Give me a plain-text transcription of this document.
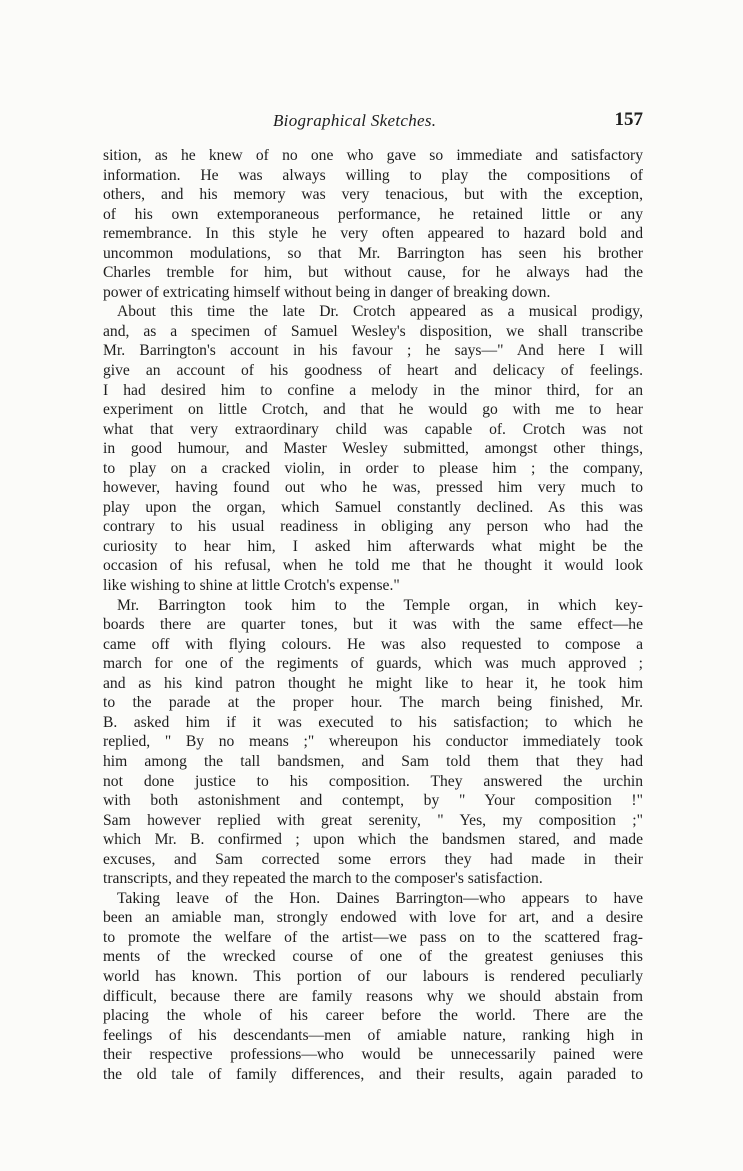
Biographical Sketches.	157
sition, as he knew of no one who gave so immediate and satisfactory
information. He was always willing to play the compositions of
others, and his memory was very tenacious, but with the exception,
of his own extemporaneous performance, he retained little or any
remembrance. In this style he very often appeared to hazard bold and
uncommon modulations, so that Mr. Barrington has seen his brother
Charles tremble for him, but without cause, for he always had the
power of extricating himself without being in danger of breaking down.
About this time the late Dr. Crotch appeared as a musical prodigy,
and, as a specimen of Samuel Wesley's disposition, we shall transcribe
Mr. Barrington's account in his favour ; he says—" And here I will
give an account of his goodness of heart and delicacy of feelings.
I had desired him to confine a melody in the minor third, for an
experiment on little Crotch, and that he would go with me to hear
what that very extraordinary child was capable of. Crotch was not
in good humour, and Master Wesley submitted, amongst other things,
to play on a cracked violin, in order to please him ; the company,
however, having found out who he was, pressed him very much to
play upon the organ, which Samuel constantly declined. As this was
contrary to his usual readiness in obliging any person who had the
curiosity to hear him, I asked him afterwards what might be the
occasion of his refusal, when he told me that he thought it would look
like wishing to shine at little Crotch's expense."
Mr. Barrington took him to the Temple organ, in which key-
boards there are quarter tones, but it was with the same effect—he
came off with flying colours. He was also requested to compose a
march for one of the regiments of guards, which was much approved ;
and as his kind patron thought he might like to hear it, he took him
to the parade at the proper hour. The march being finished, Mr.
B. asked him if it was executed to his satisfaction; to which he
replied, " By no means ;" whereupon his conductor immediately took
him among the tall bandsmen, and Sam told them that they had
not done justice to his composition. They answered the urchin
with both astonishment and contempt, by " Your composition !"
Sam however replied with great serenity, " Yes, my composition ;"
which Mr. B. confirmed ; upon which the bandsmen stared, and made
excuses, and Sam corrected some errors they had made in their
transcripts, and they repeated the march to the composer's satisfaction.
Taking leave of the Hon. Daines Barrington—who appears to have
been an amiable man, strongly endowed with love for art, and a desire
to promote the welfare of the artist—we pass on to the scattered frag-
ments of the wrecked course of one of the greatest geniuses this
world has known. This portion of our labours is rendered peculiarly
difficult, because there are family reasons why we should abstain from
placing the whole of his career before the world. There are the
feelings of his descendants—men of amiable nature, ranking high in
their respective professions—who would be unnecessarily pained were
the old tale of family differences, and their results, again paraded to
